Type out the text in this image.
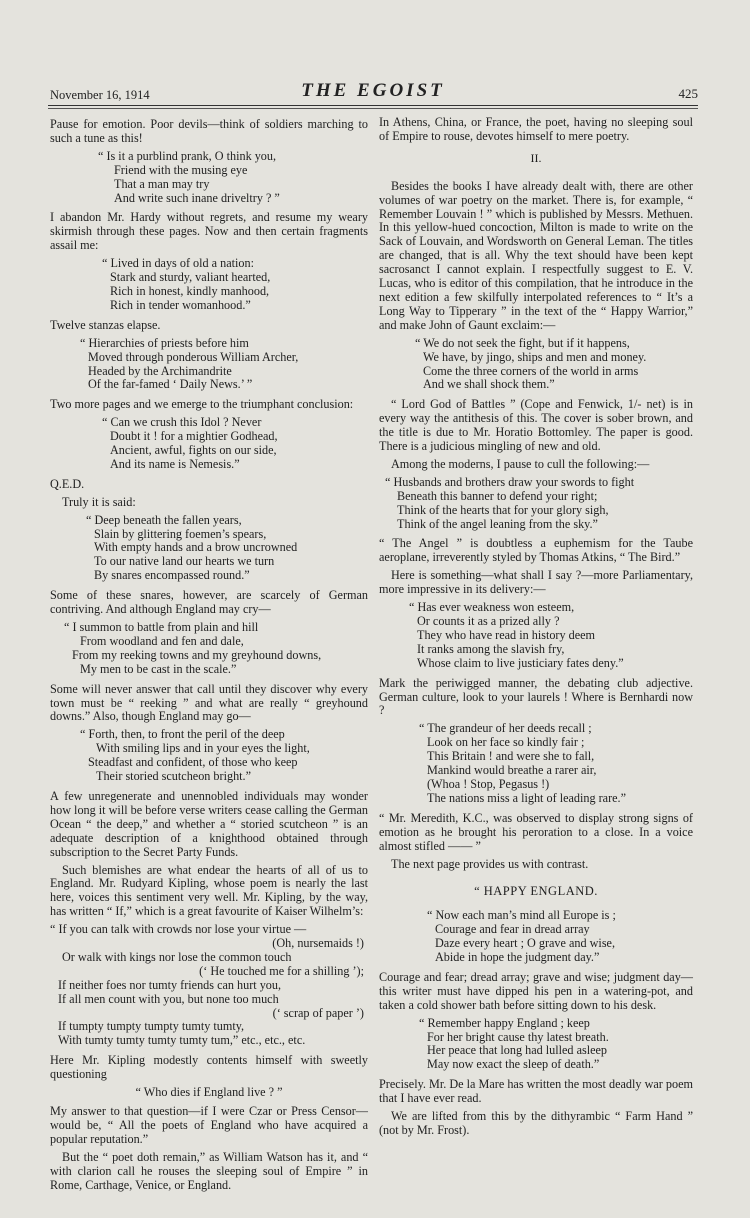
November 16, 1914	THE EGOIST	425

Pause for emotion. Poor devils—think of soldiers marching to such a tune as this!

“ Is it a purblind prank, O think you,
Friend with the musing eye
That a man may try
And write such inane driveltry ? ”

I abandon Mr. Hardy without regrets, and resume my weary skirmish through these pages. Now and then certain fragments assail me:

“ Lived in days of old a nation:
Stark and sturdy, valiant hearted,
Rich in honest, kindly manhood,
Rich in tender womanhood.”

Twelve stanzas elapse.

“ Hierarchies of priests before him
Moved through ponderous William Archer,
Headed by the Archimandrite
Of the far-famed ‘ Daily News.’ ”

Two more pages and we emerge to the triumphant conclusion:

“ Can we crush this Idol ? Never
Doubt it ! for a mightier Godhead,
Ancient, awful, fights on our side,
And its name is Nemesis.”

Q.E.D.

Truly it is said:

“ Deep beneath the fallen years,
Slain by glittering foemen’s spears,
With empty hands and a brow uncrowned
To our native land our hearts we turn
By snares encompassed round.”

Some of these snares, however, are scarcely of German contriving. And although England may cry—

“ I summon to battle from plain and hill
From woodland and fen and dale,
From my reeking towns and my greyhound downs,
My men to be cast in the scale.”

Some will never answer that call until they discover why every town must be “ reeking ” and what are really “ greyhound downs.” Also, though England may go—

“ Forth, then, to front the peril of the deep
With smiling lips and in your eyes the light,
Steadfast and confident, of those who keep
Their storied scutcheon bright.”

A few unregenerate and unennobled individuals may wonder how long it will be before verse writers cease calling the German Ocean “ the deep,” and whether a “ storied scutcheon ” is an adequate description of a knighthood obtained through subscription to the Secret Party Funds.

Such blemishes are what endear the hearts of all of us to England. Mr. Rudyard Kipling, whose poem is nearly the last here, voices this sentiment very well. Mr. Kipling, by the way, has written “ If,” which is a great favourite of Kaiser Wilhelm’s:

“ If you can talk with crowds nor lose your virtue —
(Oh, nursemaids !)
Or walk with kings nor lose the common touch
(‘ He touched me for a shilling ’);
If neither foes nor tumty friends can hurt you,
If all men count with you, but none too much
(‘ scrap of paper ’)
If tumpty tumpty tumpty tumty tumty,
With tumty tumty tumty tumty tum,” etc., etc., etc.

Here Mr. Kipling modestly contents himself with sweetly questioning

“ Who dies if England live ? ”

My answer to that question—if I were Czar or Press Censor—would be, “ All the poets of England who have acquired a popular reputation.”

But the “ poet doth remain,” as William Watson has it, and “ with clarion call he rouses the sleeping soul of Empire ” in Rome, Carthage, Venice, or England.

In Athens, China, or France, the poet, having no sleeping soul of Empire to rouse, devotes himself to mere poetry.

II.

Besides the books I have already dealt with, there are other volumes of war poetry on the market. There is, for example, “ Remember Louvain ! ” which is published by Messrs. Methuen. In this yellow-hued concoction, Milton is made to write on the Sack of Louvain, and Wordsworth on General Leman. The titles are changed, that is all. Why the text should have been kept sacrosanct I cannot explain. I respectfully suggest to E. V. Lucas, who is editor of this compilation, that he introduce in the next edition a few skilfully interpolated references to “ It’s a Long Way to Tipperary ” in the text of the “ Happy Warrior,” and make John of Gaunt exclaim:—

“ We do not seek the fight, but if it happens,
We have, by jingo, ships and men and money.
Come the three corners of the world in arms
And we shall shock them.”

“ Lord God of Battles ” (Cope and Fenwick, 1/- net) is in every way the antithesis of this. The cover is sober brown, and the title is due to Mr. Horatio Bottomley. The paper is good. There is a judicious mingling of new and old.

Among the moderns, I pause to cull the following:—

“ Husbands and brothers draw your swords to fight
Beneath this banner to defend your right;
Think of the hearts that for your glory sigh,
Think of the angel leaning from the sky.”

“ The Angel ” is doubtless a euphemism for the Taube aeroplane, irreverently styled by Thomas Atkins, “ The Bird.”

Here is something—what shall I say ?—more Parliamentary, more impressive in its delivery:—

“ Has ever weakness won esteem,
Or counts it as a prized ally ?
They who have read in history deem
It ranks among the slavish fry,
Whose claim to live justiciary fates deny.”

Mark the periwigged manner, the debating club adjective. German culture, look to your laurels ! Where is Bernhardi now ?

“ The grandeur of her deeds recall ;
Look on her face so kindly fair ;
This Britain ! and were she to fall,
Mankind would breathe a rarer air,
(Whoa ! Stop, Pegasus !)
The nations miss a light of leading rare.”

“ Mr. Meredith, K.C., was observed to display strong signs of emotion as he brought his peroration to a close. In a voice almost stifled —— ”

The next page provides us with contrast.

“ HAPPY ENGLAND.
“ Now each man’s mind all Europe is ;
Courage and fear in dread array
Daze every heart ; O grave and wise,
Abide in hope the judgment day.”

Courage and fear; dread array; grave and wise; judgment day—this writer must have dipped his pen in a watering-pot, and taken a cold shower bath before sitting down to his desk.

“ Remember happy England ; keep
For her bright cause thy latest breath.
Her peace that long had lulled asleep
May now exact the sleep of death.”

Precisely. Mr. De la Mare has written the most deadly war poem that I have ever read.

We are lifted from this by the dithyrambic “ Farm Hand ” (not by Mr. Frost).
